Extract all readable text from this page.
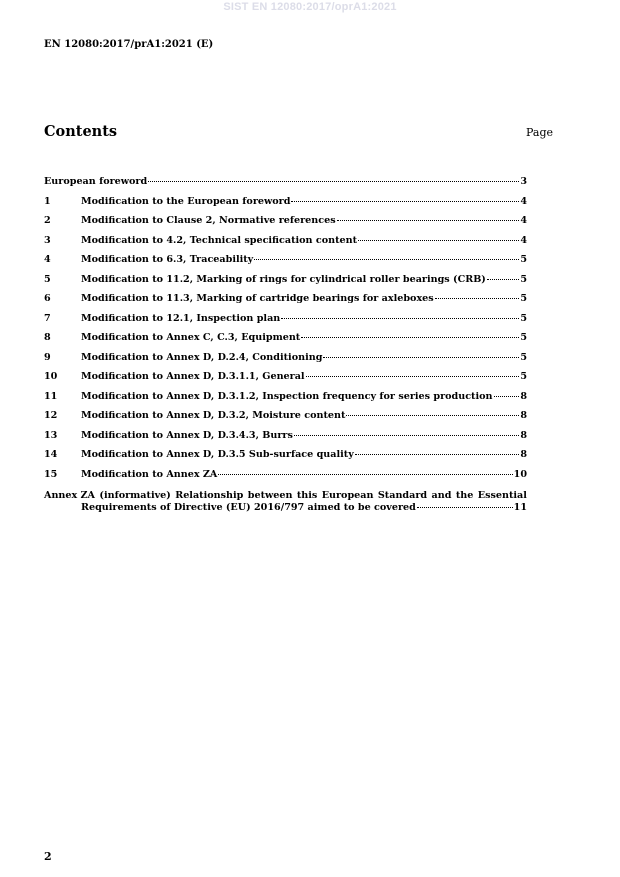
SIST EN 12080:2017/oprA1:2021
EN 12080:2017/prA1:2021 (E)
Contents	Page
European foreword	3
1	Modification to the European foreword	4
2	Modification to Clause 2, Normative references	4
3	Modification to 4.2, Technical specification content	4
4	Modification to 6.3, Traceability	5
5	Modification to 11.2, Marking of rings for cylindrical roller bearings (CRB)	5
6	Modification to 11.3, Marking of cartridge bearings for axleboxes	5
7	Modification to 12.1, Inspection plan	5
8	Modification to Annex C, C.3, Equipment	5
9	Modification to Annex D, D.2.4, Conditioning	5
10	Modification to Annex D, D.3.1.1, General	5
11	Modification to Annex D, D.3.1.2, Inspection frequency for series production	8
12	Modification to Annex D, D.3.2, Moisture content	8
13	Modification to Annex D, D.3.4.3, Burrs	8
14	Modification to Annex D, D.3.5 Sub-surface quality	8
15	Modification to Annex ZA	10
Annex ZA (informative) Relationship between this European Standard and the Essential
Requirements of Directive (EU) 2016/797 aimed to be covered	11
2
